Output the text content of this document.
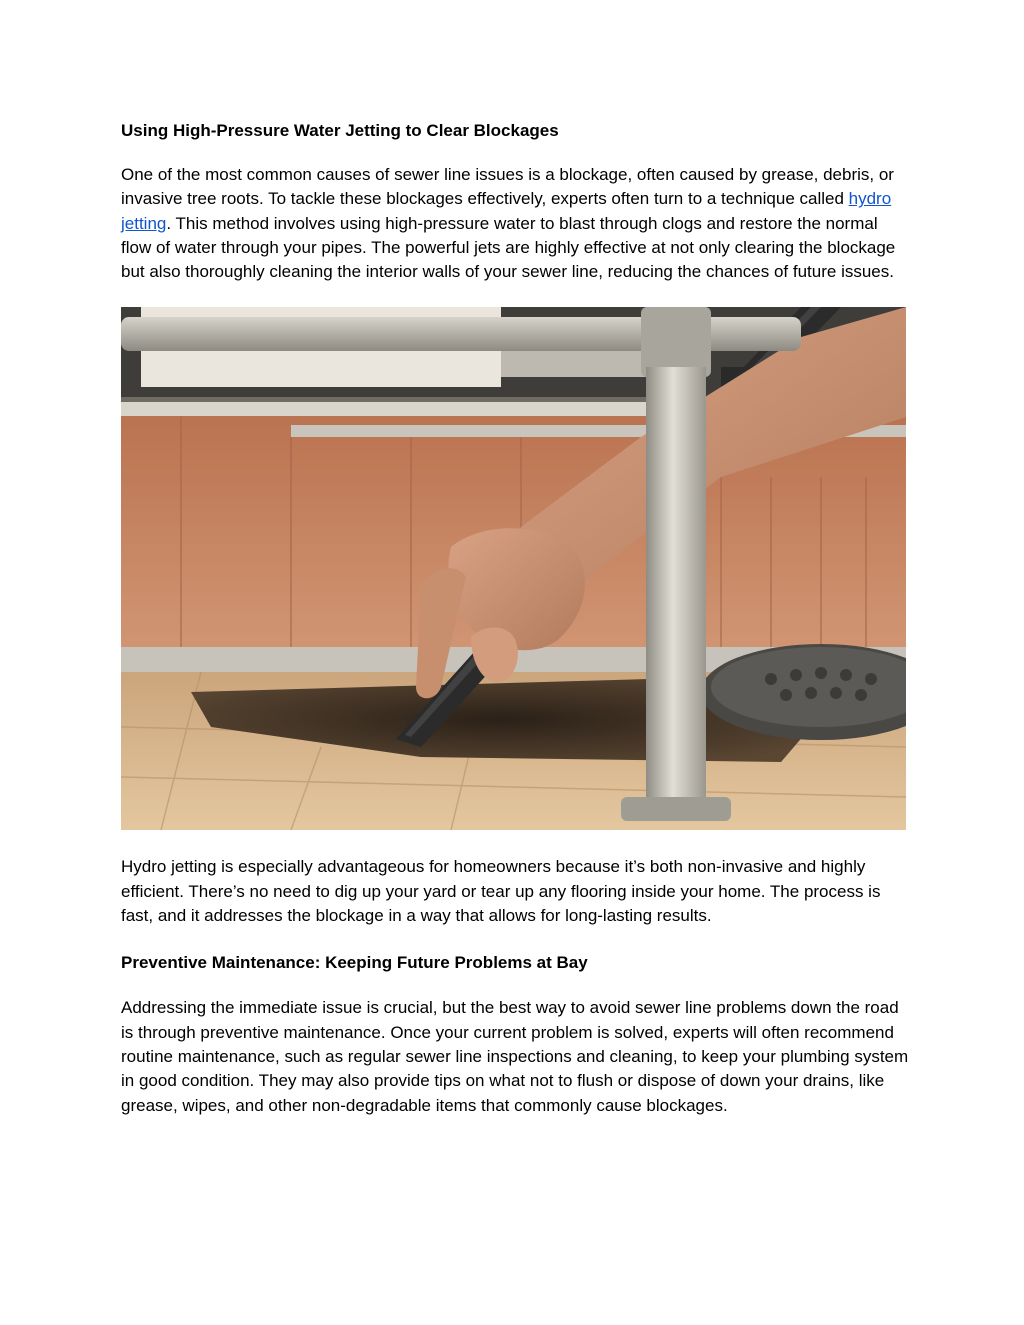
Using High-Pressure Water Jetting to Clear Blockages

One of the most common causes of sewer line issues is a blockage, often caused by grease, debris, or invasive tree roots. To tackle these blockages effectively, experts often turn to a technique called hydro jetting. This method involves using high-pressure water to blast through clogs and restore the normal flow of water through your pipes. The powerful jets are highly effective at not only clearing the blockage but also thoroughly cleaning the interior walls of your sewer line, reducing the chances of future issues.

Hydro jetting is especially advantageous for homeowners because it’s both non-invasive and highly efficient. There’s no need to dig up your yard or tear up any flooring inside your home. The process is fast, and it addresses the blockage in a way that allows for long-lasting results.

Preventive Maintenance: Keeping Future Problems at Bay

Addressing the immediate issue is crucial, but the best way to avoid sewer line problems down the road is through preventive maintenance. Once your current problem is solved, experts will often recommend routine maintenance, such as regular sewer line inspections and cleaning, to keep your plumbing system in good condition. They may also provide tips on what not to flush or dispose of down your drains, like grease, wipes, and other non-degradable items that commonly cause blockages.
